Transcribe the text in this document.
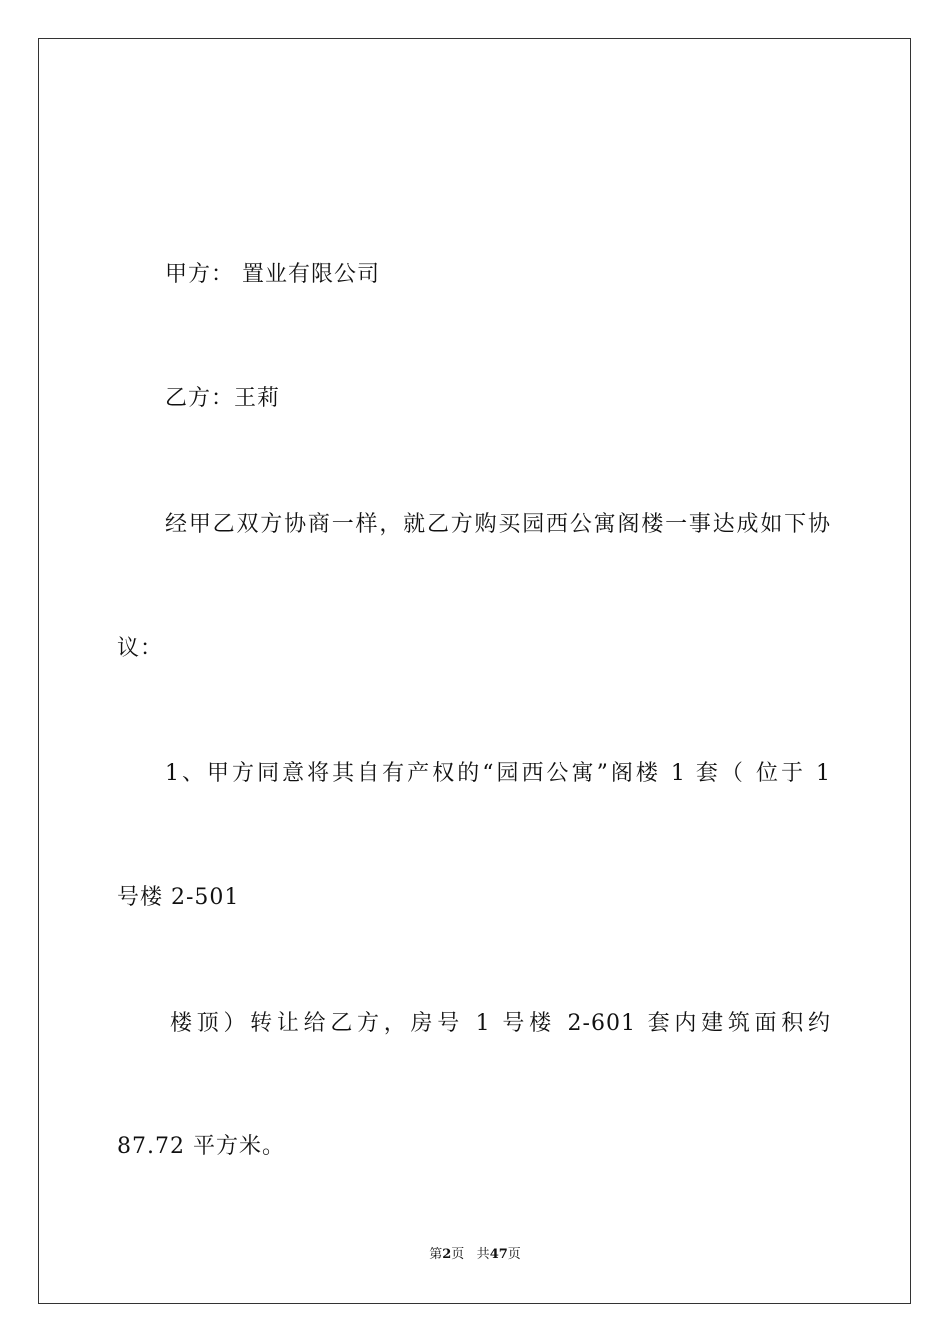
甲方： 置业有限公司
乙方：王莉
经甲乙双方协商一样，就乙方购买园西公寓阁楼一事达成如下协
议：
1、甲方同意将其自有产权的“园西公寓”阁楼 1 套（ 位于 1
号楼 2-501
楼顶）转让给乙方，房号 1 号楼 2-601 套内建筑面积约
87.72 平方米。
第2页 共47页
